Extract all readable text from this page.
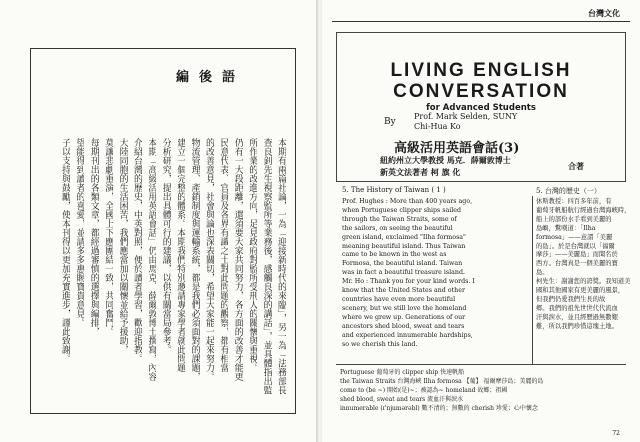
編後語
本期有兩篇社論，一為「迎接新時代的來臨」，另一為「法務部長
查良釗先生視察監所等業務後，感觸良深的講話」，並具體指出監
所作業的改進方向，足見政府對監所受刑人的關懷與重視。
仍有一大段距離，還須要大家共同努力，各方面的改善才能更
民意代表、官員及各界有識之士對此問題的觀察，都有相當
的改善意見，社會與論也深表關切，希望大家能一起來努力。
物流管理、產銷制度與運輸系統，都是我們必須面對的課題，
建立一個完整的體系。本期我們特別邀請專家學者就此問題
分析研究，提出具體可行的建議，以供有關當局參考。
本期「高級活用英語會話」仍由馬克．薛爾敦博士撰寫，內容
介紹台灣的歷史，中英對照，便於讀者學習，歡迎指教。
大陸同胞的生活困苦，我們應當加以關懷並給予援助，
莫讓悲劇重演，全國上下應團結一致，共同奮鬥。
每期刊出的各類文章，都經過審慎的選擇與編排，
望能得到讀者的喜愛，並請多多惠賜寶貴意見。
子以支持與鼓勵，使本刊得以更加充實進步，謹此致謝。
台灣文化
LIVING ENGLISH
CONVERSATION
for Advanced Students
By
Prof. Mark Selden, SUNY
Chi-Hua Ko
高級活用英語會話(3)
紐約州立大學教授 馬克．薛爾敦博士
新英文法著者 柯 旗 化
合著
5. The History of Taiwan ( 1 )	5. 台灣的歷史（一）
Prof. Hughes : More than 400 years ago,
when Portuguese clipper ships sailed
through the Taiwan Straits, some of
the sailors, on seeing the beautiful
green island, exclaimed "Ilha formosa"
meaning beautiful island. Thus Taiwan
came to be known in the west as
Formosa, the beautiful island. Taiwan
was in fact a beautiful treasure island.
Mr. Ho : Thank you for your kind words. I
know that the United States and other
countries have even more beautiful
scenery, but we still love the homeland
where we grew up. Generations of our
ancestors shed blood, sweat and tears
and experienced innumerable hardships,
so we cherish this land.
休斯教授：四百多年前，有
葡萄牙帆船航行經過台灣海峽時，
船上的部份水手看到美麗的
島嶼，驚嘆道：「Ilha
formosa」——意謂「美麗
的島」。於是台灣就以「福爾
摩莎」——美麗島」而聞名於
西方。台灣真是一個美麗的寶
島。
柯先生：謝謝您的誇獎。我知道美
國和其他國家有更美麗的風景，
但我們仍愛我們生長的故
鄉。我們的祖先世世代代流血
汗與淚水，並且經歷過無數艱
難，所以我們珍惜這塊土地。
Portuguese 葡萄牙的 clipper ship 快速帆船
the Taiwan Straits 台灣海峽 Ilha formosa 【葡】 福爾摩莎島；美麗的島
come to (be ~) 開始(是)~；被認為~ homeland 故鄉；祖國
shed blood, sweat and tears 流血汗與淚水
innumerable (ɪ'njumərəbl) 數不清的；無數的 cherish 珍愛；心中懷念
72
